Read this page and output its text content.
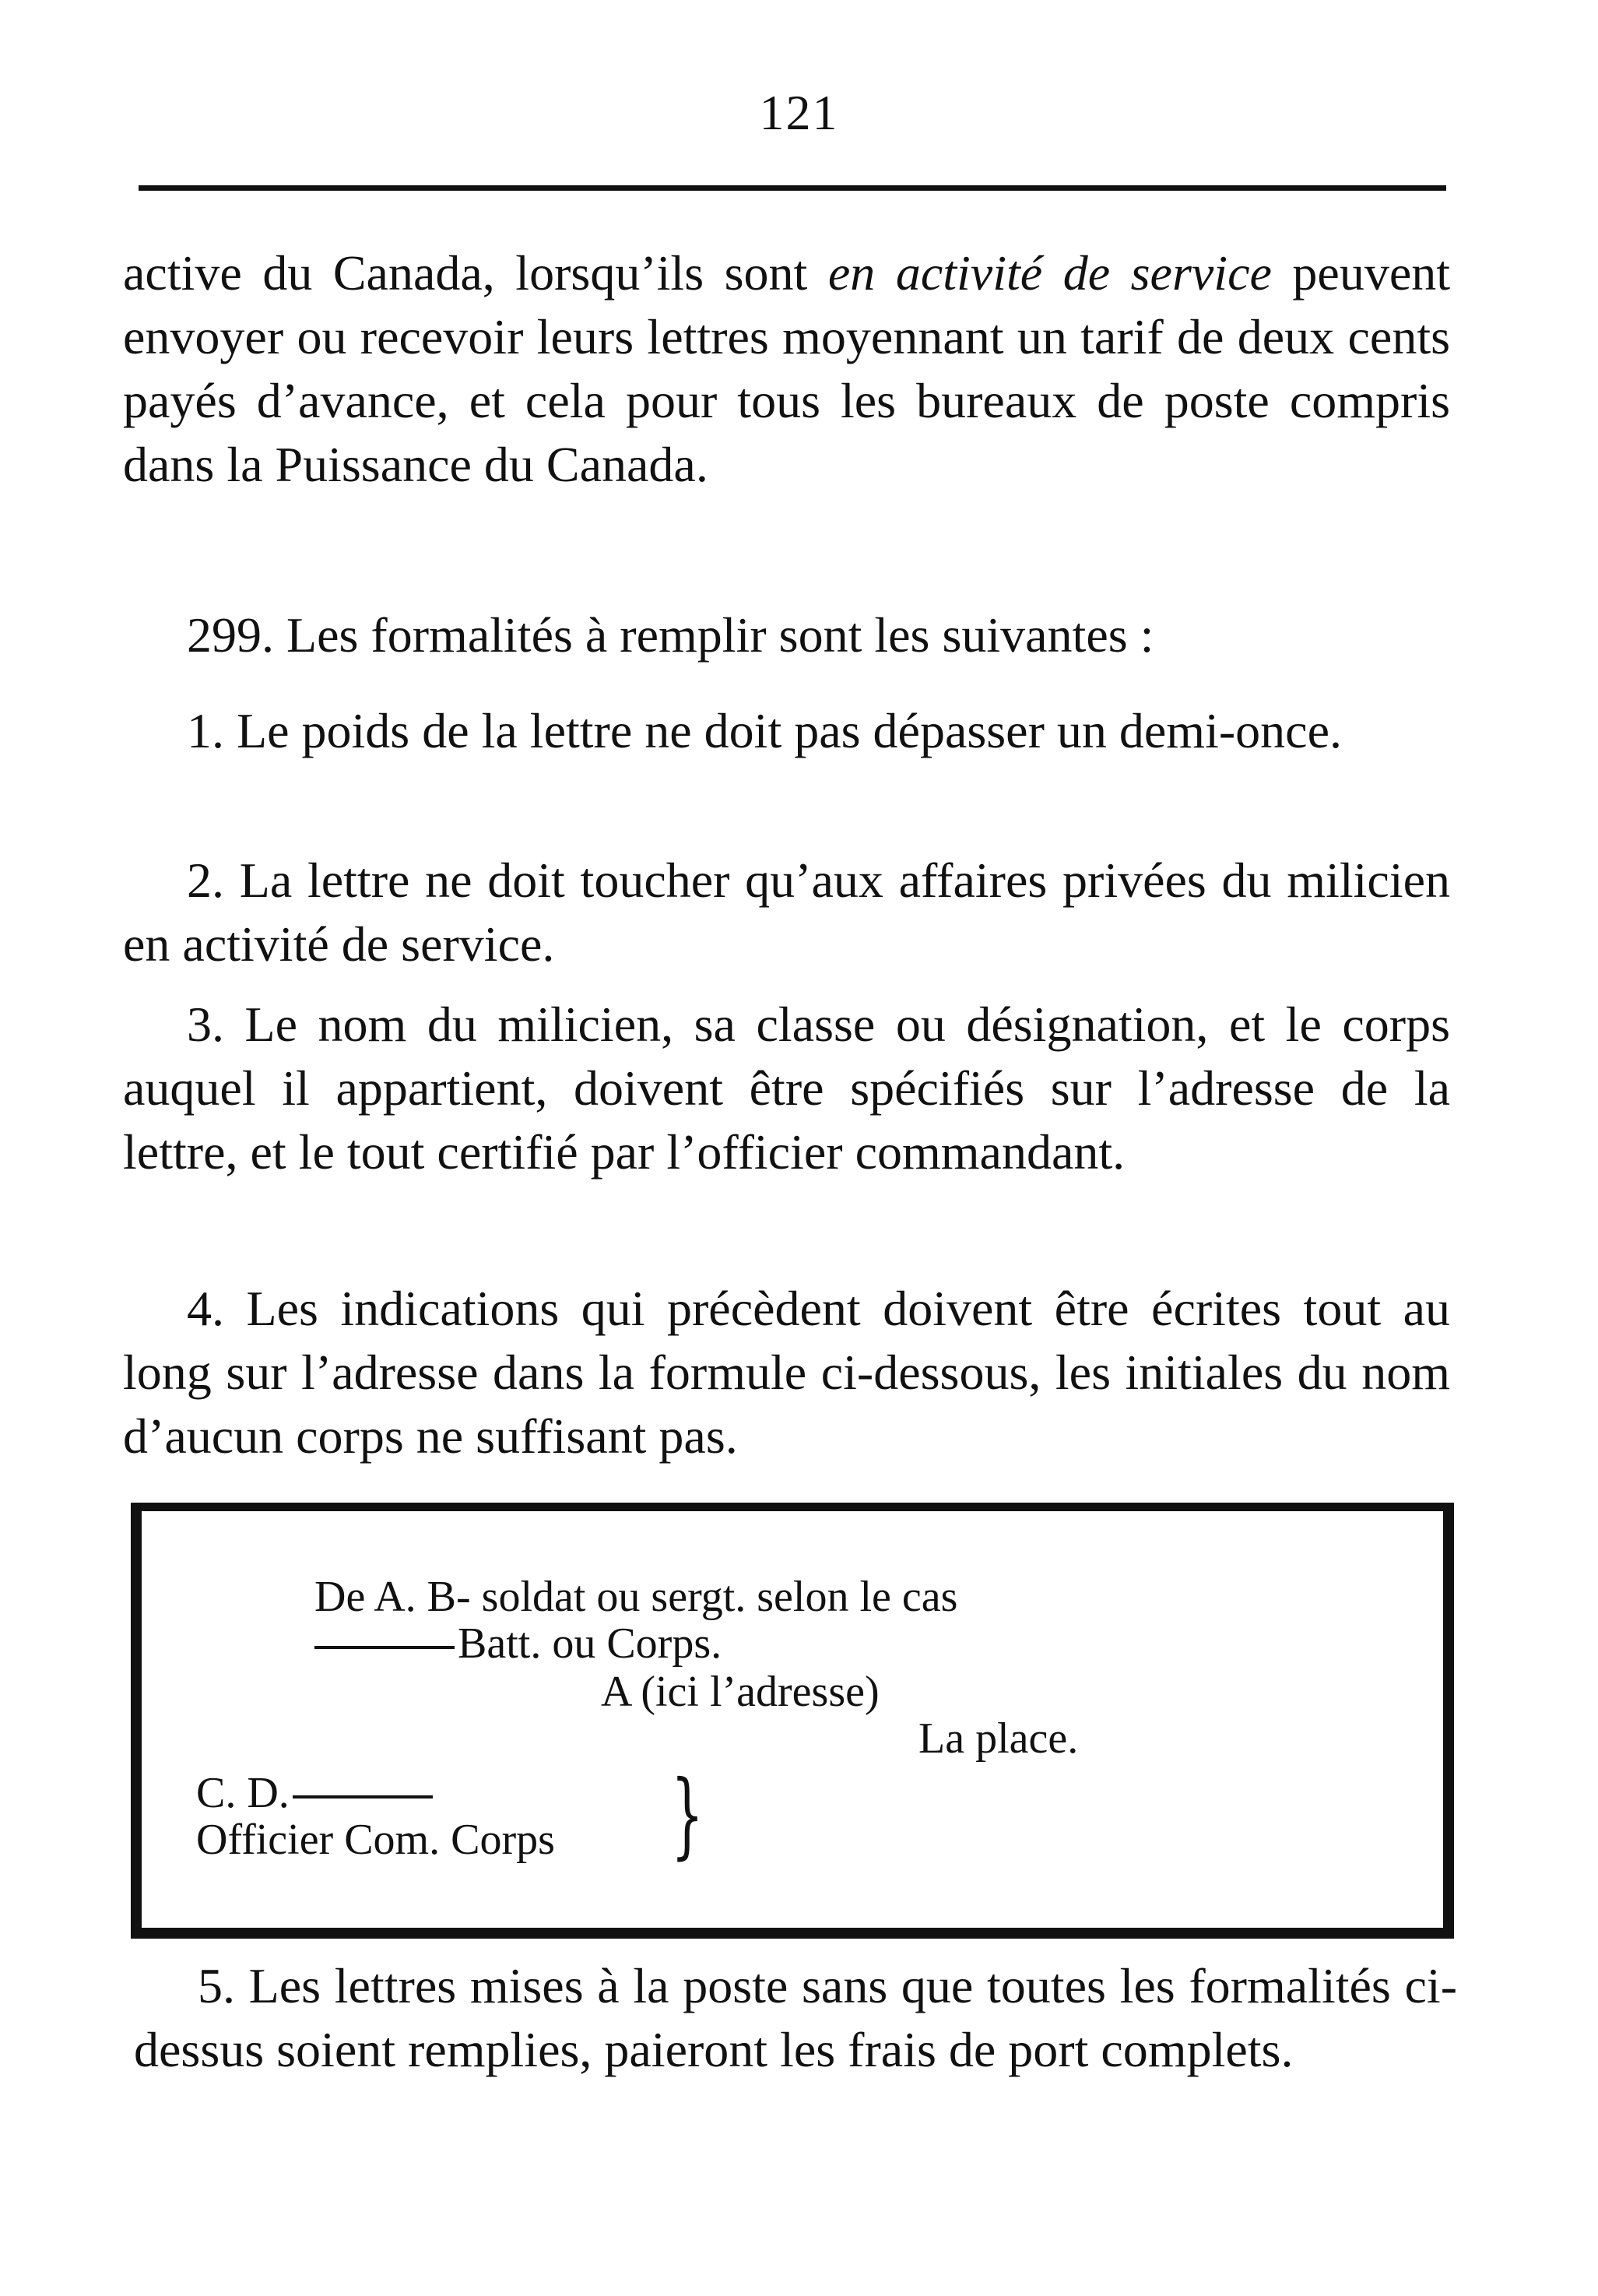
121

active du Canada, lorsqu’ils sont en activité de service peuvent envoyer ou recevoir leurs lettres moyennant un tarif de deux cents payés d’avance, et cela pour tous les bureaux de poste compris dans la Puissance du Canada.

299. Les formalités à remplir sont les suivantes :

1. Le poids de la lettre ne doit pas dépasser un demi-once.

2. La lettre ne doit toucher qu’aux affaires privées du milicien en activité de service.

3. Le nom du milicien, sa classe ou désignation, et le corps auquel il appartient, doivent être spécifiés sur l’adresse de la lettre, et le tout certifié par l’officier commandant.

4. Les indications qui précèdent doivent être écrites tout au long sur l’adresse dans la formule ci-dessous, les initiales du nom d’aucun corps ne suffisant pas.

De A. B- soldat ou sergt. selon le cas
Batt. ou Corps.
A (ici l’adresse)
La place.
C. D.
Officier Com. Corps }

5. Les lettres mises à la poste sans que toutes les formalités ci-dessus soient remplies, paieront les frais de port complets.
